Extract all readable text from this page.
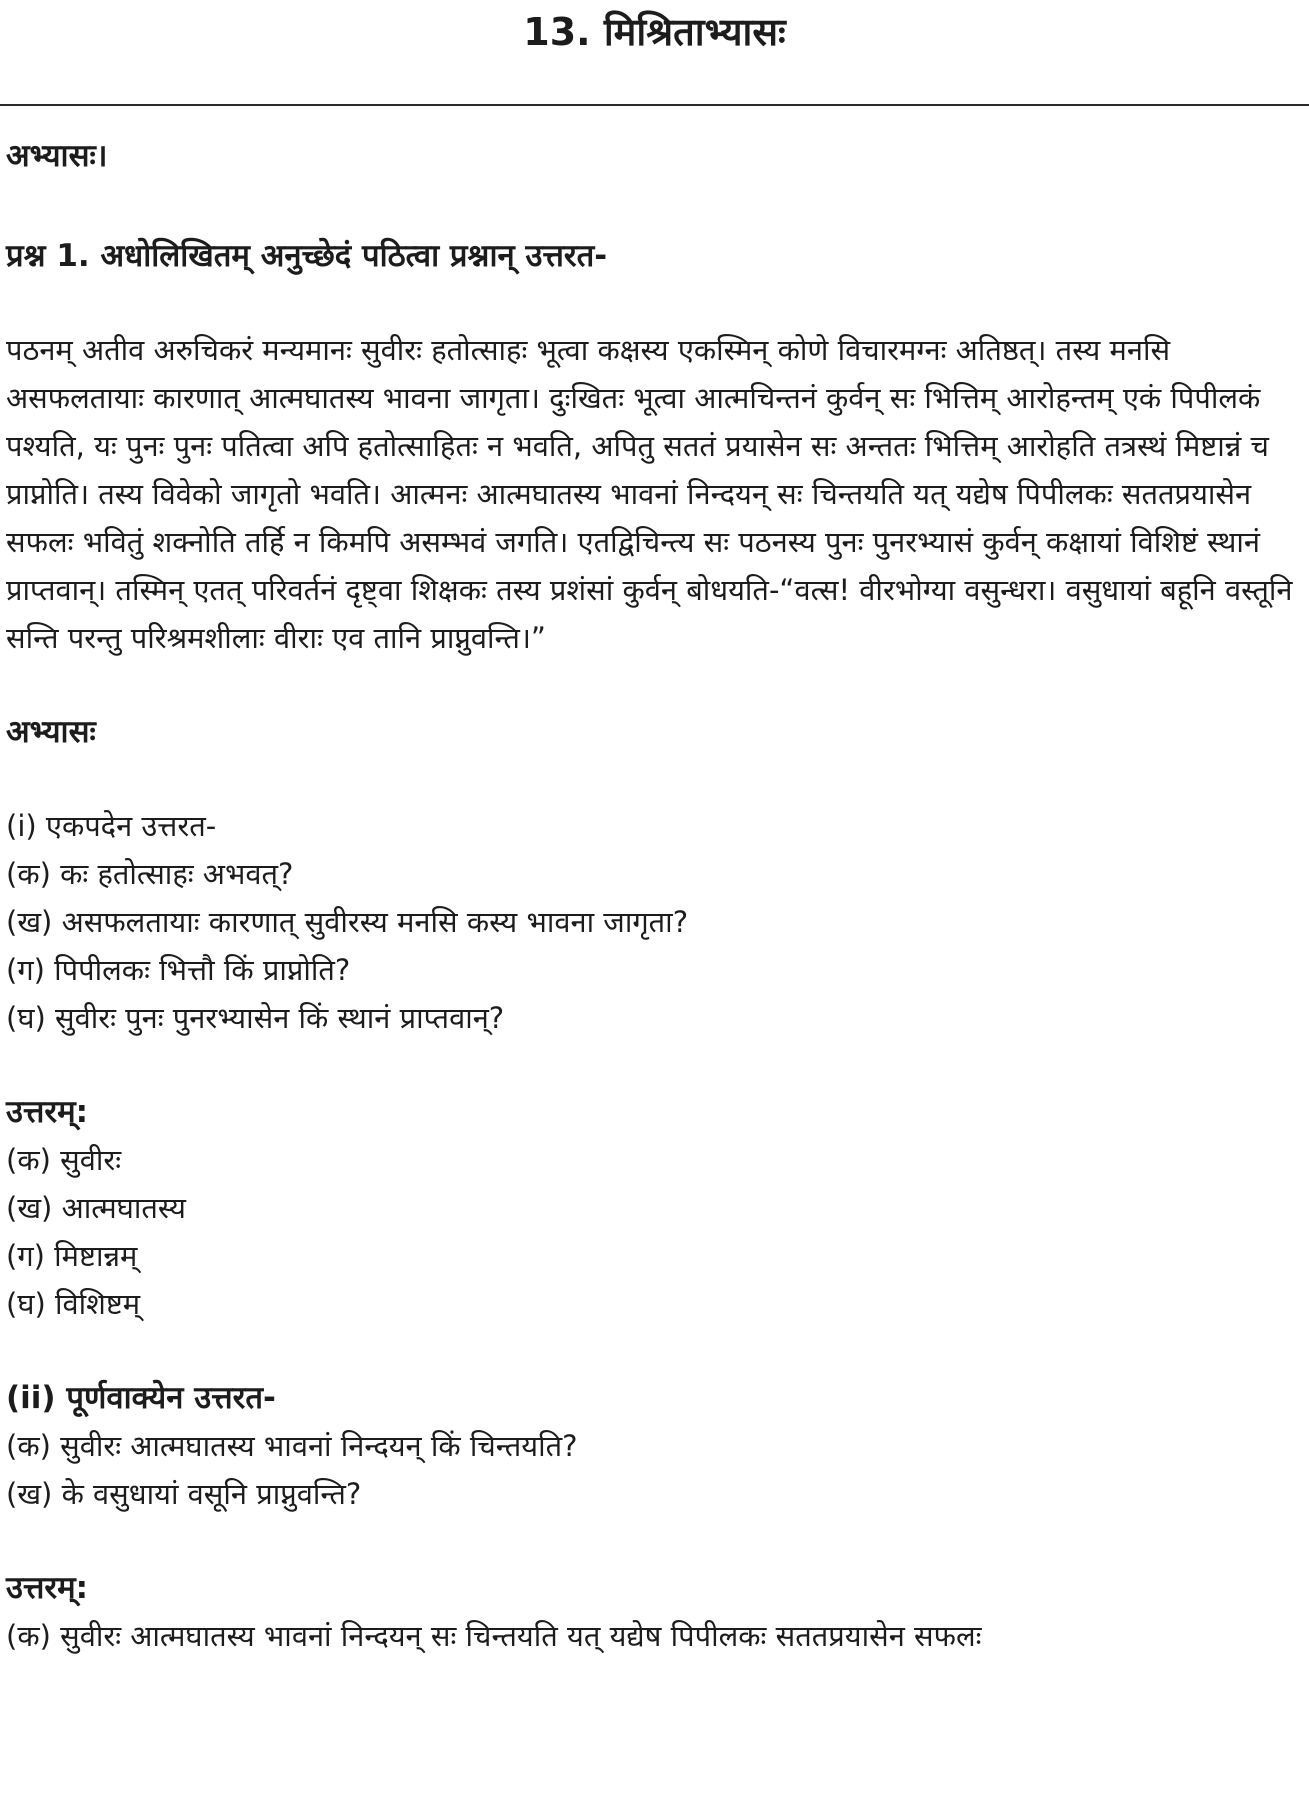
13. मिश्रिताभ्यासः

अभ्यासः।

प्रश्न 1. अधोलिखितम् अनुच्छेदं पठित्वा प्रश्नान् उत्तरत-

पठनम् अतीव अरुचिकरं मन्यमानः सुवीरः हतोत्साहः भूत्वा कक्षस्य एकस्मिन् कोणे विचारमग्नः अतिष्ठत्। तस्य मनसि असफलतायाः कारणात् आत्मघातस्य भावना जागृता। दुःखितः भूत्वा आत्मचिन्तनं कुर्वन् सः भित्तिम् आरोहन्तम् एकं पिपीलकं पश्यति, यः पुनः पुनः पतित्वा अपि हतोत्साहितः न भवति, अपितु सततं प्रयासेन सः अन्ततः भित्तिम् आरोहति तत्रस्थं मिष्टान्नं च प्राप्नोति। तस्य विवेको जागृतो भवति। आत्मनः आत्मघातस्य भावनां निन्दयन् सः चिन्तयति यत् यद्येष पिपीलकः सततप्रयासेन सफलः भवितुं शक्नोति तर्हि न किमपि असम्भवं जगति। एतद्विचिन्त्य सः पठनस्य पुनः पुनरभ्यासं कुर्वन् कक्षायां विशिष्टं स्थानं प्राप्तवान्। तस्मिन् एतत् परिवर्तनं दृष्ट्वा शिक्षकः तस्य प्रशंसां कुर्वन् बोधयति-“वत्स! वीरभोग्या वसुन्धरा। वसुधायां बहूनि वस्तूनि सन्ति परन्तु परिश्रमशीलाः वीराः एव तानि प्राप्नुवन्ति।”

अभ्यासः

(i) एकपदेन उत्तरत-

(क) कः हतोत्साहः अभवत्?

(ख) असफलतायाः कारणात् सुवीरस्य मनसि कस्य भावना जागृता?

(ग) पिपीलकः भित्तौ किं प्राप्नोति?

(घ) सुवीरः पुनः पुनरभ्यासेन किं स्थानं प्राप्तवान्?

उत्तरम्:

(क) सुवीरः

(ख) आत्मघातस्य

(ग) मिष्टान्नम्

(घ) विशिष्टम्

(ii) पूर्णवाक्येन उत्तरत-

(क) सुवीरः आत्मघातस्य भावनां निन्दयन् किं चिन्तयति?

(ख) के वसुधायां वसूनि प्राप्नुवन्ति?

उत्तरम्:

(क) सुवीरः आत्मघातस्य भावनां निन्दयन् सः चिन्तयति यत् यद्येष पिपीलकः सततप्रयासेन सफलः
